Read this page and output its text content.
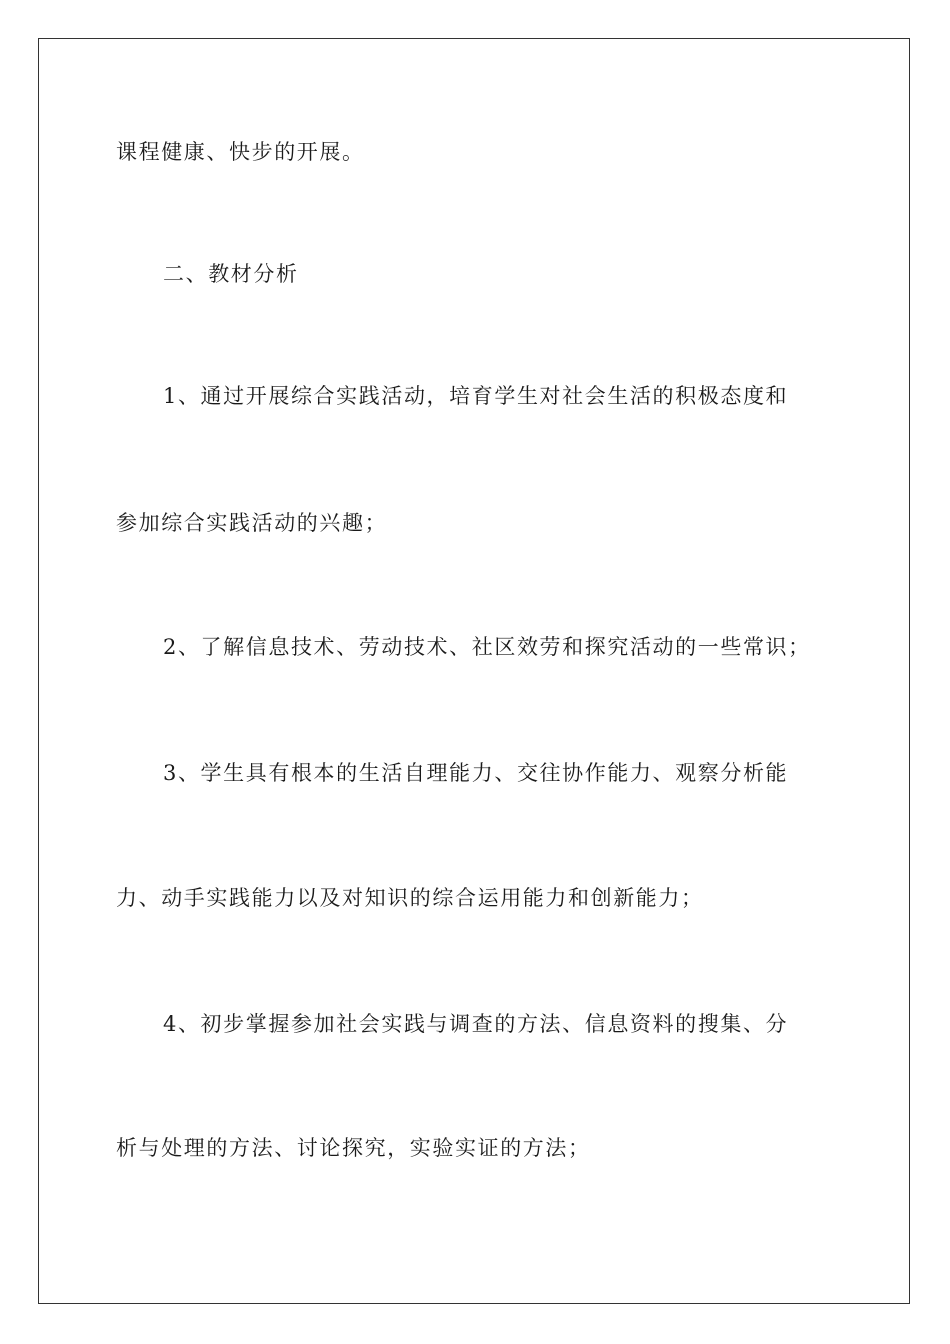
课程健康、快步的开展。
二、教材分析
1、通过开展综合实践活动，培育学生对社会生活的积极态度和
参加综合实践活动的兴趣；
2、了解信息技术、劳动技术、社区效劳和探究活动的一些常识；
3、学生具有根本的生活自理能力、交往协作能力、观察分析能
力、动手实践能力以及对知识的综合运用能力和创新能力；
4、初步掌握参加社会实践与调查的方法、信息资料的搜集、分
析与处理的方法、讨论探究，实验实证的方法；
